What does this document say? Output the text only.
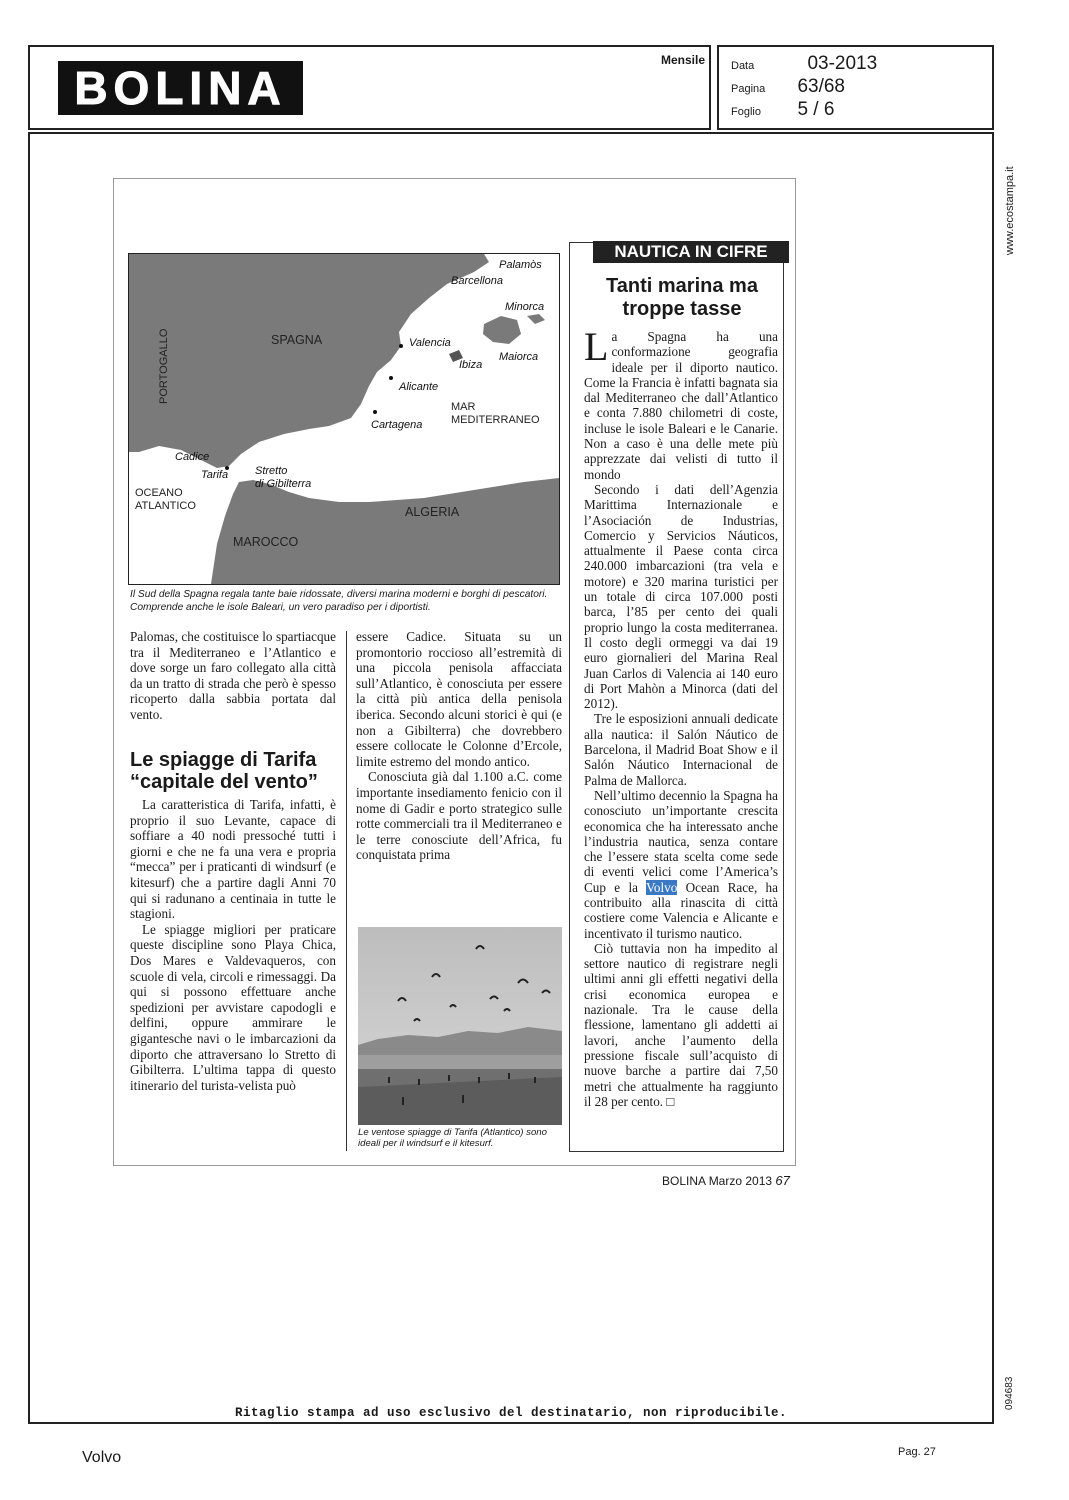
BOLINA
Mensile Data	03-2013
Pagina 63/68
Foglio 5 / 6
www.ecostampa.it
094683
Palamòs
Barcellona
Minorca
PORTOGALLO	SPAGNA	Valencia
Ibiza
Maiorca
Alicante
MAR
MEDITERRANEO
Cartagena
Cadice
Tarifa Stretto
di Gibilterra
OCEANO
ATLANTICO	ALGERIA
MAROCCO
Il Sud della Spagna regala tante baie ridossate, diversi marina moderni e borghi di pescatori. Comprende anche le isole Baleari, un vero paradiso per i diportisti.

Palomas, che costituisce lo spartiacque tra il Mediterraneo e l’Atlantico e dove sorge un faro collegato alla città da un tratto di strada che però è spesso ricoperto dalla sabbia portata dal vento.

Le spiagge di Tarifa “capitale del vento”

La caratteristica di Tarifa, infatti, è proprio il suo Levante, capace di soffiare a 40 nodi pressoché tutti i giorni e che ne fa una vera e propria “mecca” per i praticanti di windsurf (e kitesurf) che a partire dagli Anni 70 qui si radunano a centinaia in tutte le stagioni.

Le spiagge migliori per praticare queste discipline sono Playa Chica, Dos Mares e Valdevaqueros, con scuole di vela, circoli e rimessaggi. Da qui si possono effettuare anche spedizioni per avvistare capodogli e delfini, oppure ammirare le gigantesche navi o le imbarcazioni da diporto che attraversano lo Stretto di Gibilterra. L’ultima tappa di questo itinerario del turista-velista può

essere Cadice. Situata su un promontorio roccioso all’estremità di una piccola penisola affacciata sull’Atlantico, è conosciuta per essere la città più antica della penisola iberica. Secondo alcuni storici è qui (e non a Gibilterra) che dovrebbero essere collocate le Colonne d’Ercole, limite estremo del mondo antico.

Conosciuta già dal 1.100 a.C. come importante insediamento fenicio con il nome di Gadir e porto strategico sulle rotte commerciali tra il Mediterraneo e le terre conosciute dell’Africa, fu conquistata prima

Le ventose spiagge di Tarifa (Atlantico) sono ideali per il windsurf e il kitesurf.
NAUTICA IN CIFRE
Tanti marina ma troppe tasse

La Spagna ha una conformazione geografia ideale per il diporto nautico. Come la Francia è infatti bagnata sia dal Mediterraneo che dall’Atlantico e conta 7.880 chilometri di coste, incluse le isole Baleari e le Canarie. Non a caso è una delle mete più apprezzate dai velisti di tutto il mondo

Secondo i dati dell’Agenzia Marittima Internazionale e l’Asociación de Industrias, Comercio y Servicios Náuticos, attualmente il Paese conta circa 240.000 imbarcazioni (tra vela e motore) e 320 marina turistici per un totale di circa 107.000 posti barca, l’85 per cento dei quali proprio lungo la costa mediterranea. Il costo degli ormeggi va dai 19 euro giornalieri del Marina Real Juan Carlos di Valencia ai 140 euro di Port Mahòn a Minorca (dati del 2012).

Tre le esposizioni annuali dedicate alla nautica: il Salón Náutico de Barcelona, il Madrid Boat Show e il Salón Náutico Internacional de Palma de Mallorca.

Nell’ultimo decennio la Spagna ha conosciuto un’importante crescita economica che ha interessato anche l’industria nautica, senza contare che l’essere stata scelta come sede di eventi velici come l’America’s Cup e la Volvo Ocean Race, ha contribuito alla rinascita di città costiere come Valencia e Alicante e incentivato il turismo nautico.

Ciò tuttavia non ha impedito al settore nautico di registrare negli ultimi anni gli effetti negativi della crisi economica europea e nazionale. Tra le cause della flessione, lamentano gli addetti ai lavori, anche l’aumento della pressione fiscale sull’acquisto di nuove barche a partire dai 7,50 metri che attualmente ha raggiunto il 28 per cento. □

BOLINA Marzo 2013 67
Ritaglio stampa ad uso esclusivo del destinatario, non riproducibile.
Volvo	Pag. 27
